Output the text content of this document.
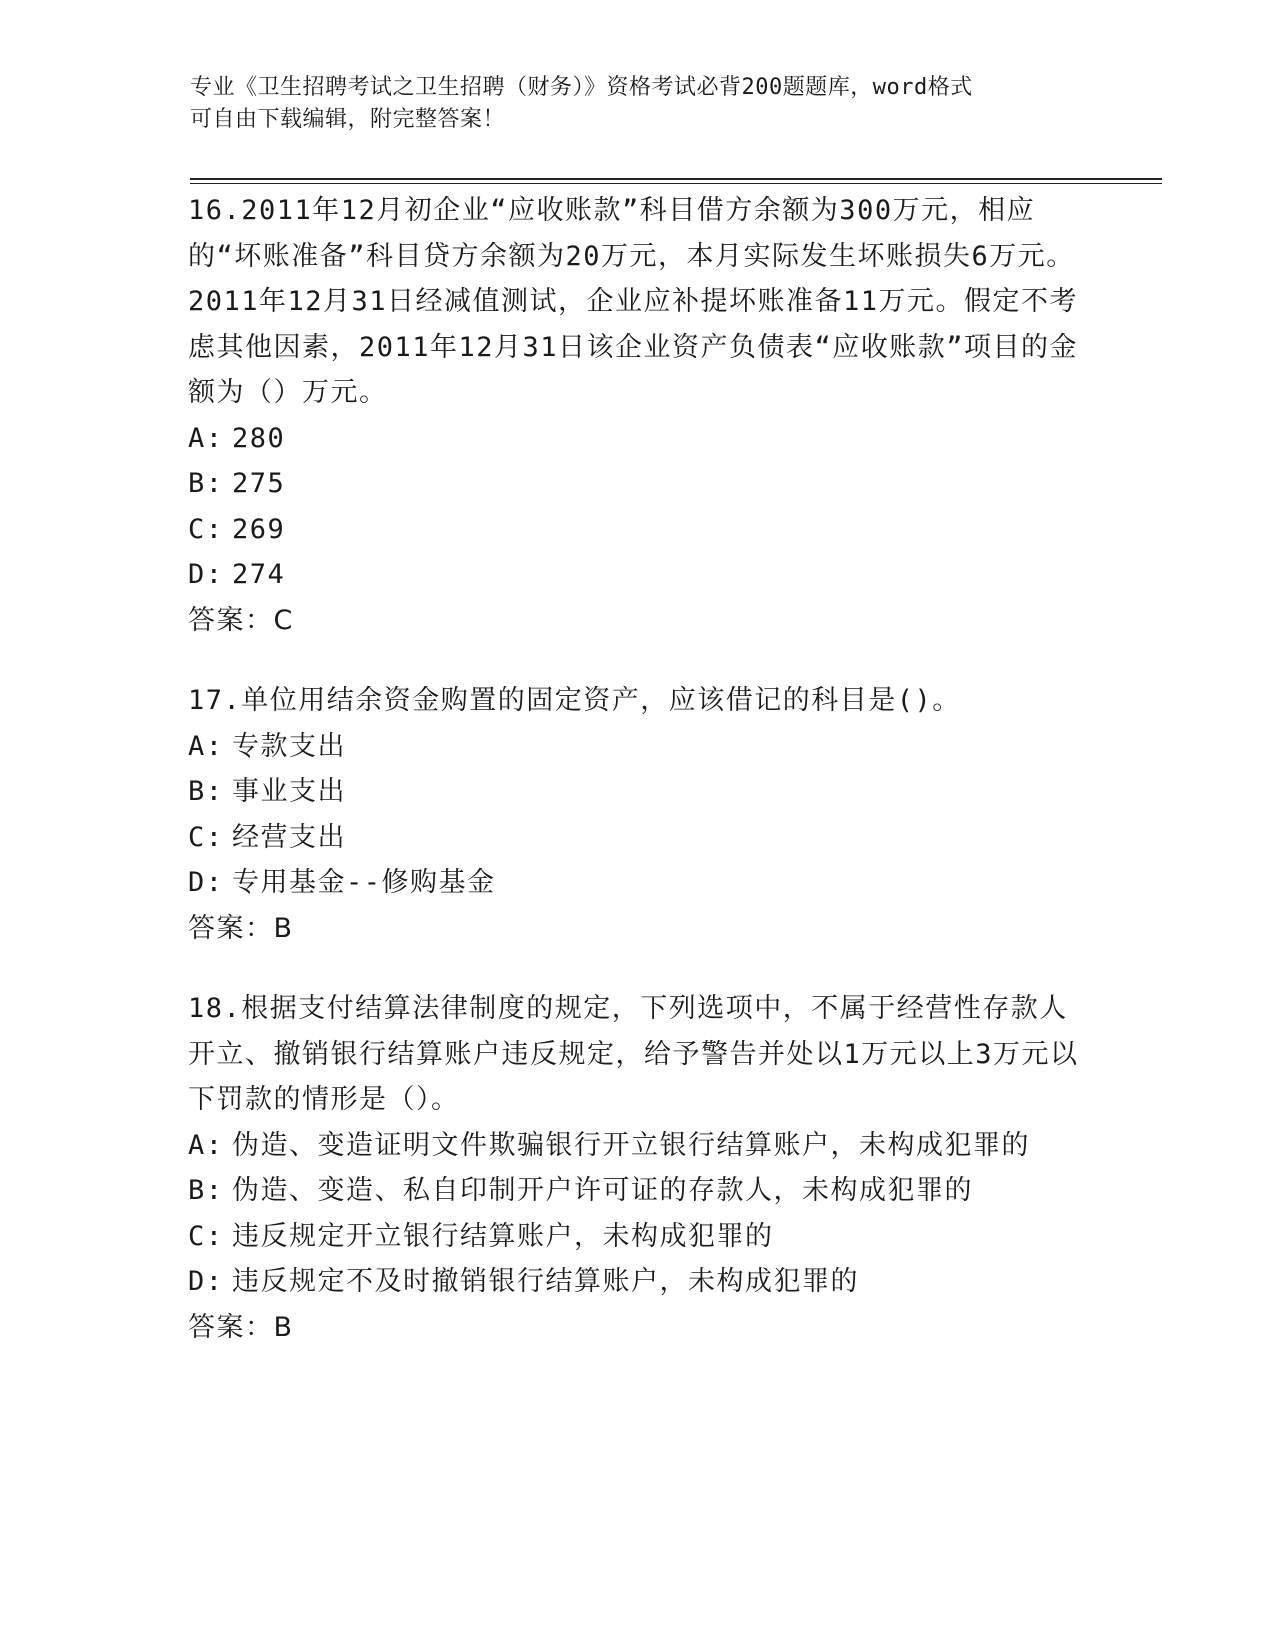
专业《卫生招聘考试之卫生招聘（财务）》资格考试必背200题题库，word格式
可自由下载编辑，附完整答案！
16.2011年12月初企业“应收账款”科目借方余额为300万元，相应的“坏账准备”科目贷方余额为20万元，本月实际发生坏账损失6万元。2011年12月31日经减值测试，企业应补提坏账准备11万元。假定不考虑其他因素，2011年12月31日该企业资产负债表“应收账款”项目的金额为（）万元。
A: 280
B: 275
C: 269
D: 274
答案：C
17.单位用结余资金购置的固定资产，应该借记的科目是()。
A: 专款支出
B: 事业支出
C: 经营支出
D: 专用基金--修购基金
答案：B
18.根据支付结算法律制度的规定，下列选项中，不属于经营性存款人开立、撤销银行结算账户违反规定，给予警告并处以1万元以上3万元以下罚款的情形是（）。
A: 伪造、变造证明文件欺骗银行开立银行结算账户，未构成犯罪的
B: 伪造、变造、私自印制开户许可证的存款人，未构成犯罪的
C: 违反规定开立银行结算账户，未构成犯罪的
D: 违反规定不及时撤销银行结算账户，未构成犯罪的
答案：B
